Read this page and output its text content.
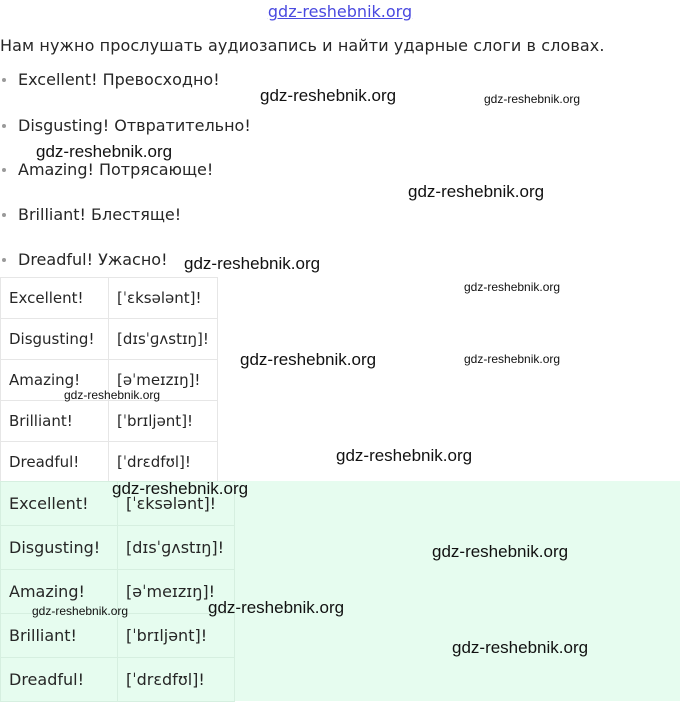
gdz-reshebnik.org
Нам нужно прослушать аудиозапись и найти ударные слоги в словах.
Excellent! Превосходно!
Disgusting! Отвратительно!
Amazing! Потрясающе!
Brilliant! Блестяще!
Dreadful! Ужасно!
Excellent!	[ˈɛksələnt]!
Disgusting!	[dɪsˈɡʌstɪŋ]!
Amazing!	[əˈmeɪzɪŋ]!
Brilliant!	[ˈbrɪljənt]!
Dreadful!	[ˈdrɛdfʊl]!
Excellent!	[ˈɛksələnt]!
Disgusting!	[dɪsˈɡʌstɪŋ]!
Amazing!	[əˈmeɪzɪŋ]!
Brilliant!	[ˈbrɪljənt]!
Dreadful!	[ˈdrɛdfʊl]!
gdz-reshebnik.org	gdz-reshebnik.org
gdz-reshebnik.org
gdz-reshebnik.org
gdz-reshebnik.org
gdz-reshebnik.org
gdz-reshebnik.org	gdz-reshebnik.org
gdz-reshebnik.org
gdz-reshebnik.org
gdz-reshebnik.org
gdz-reshebnik.org
gdz-reshebnik.org	gdz-reshebnik.org
gdz-reshebnik.org
